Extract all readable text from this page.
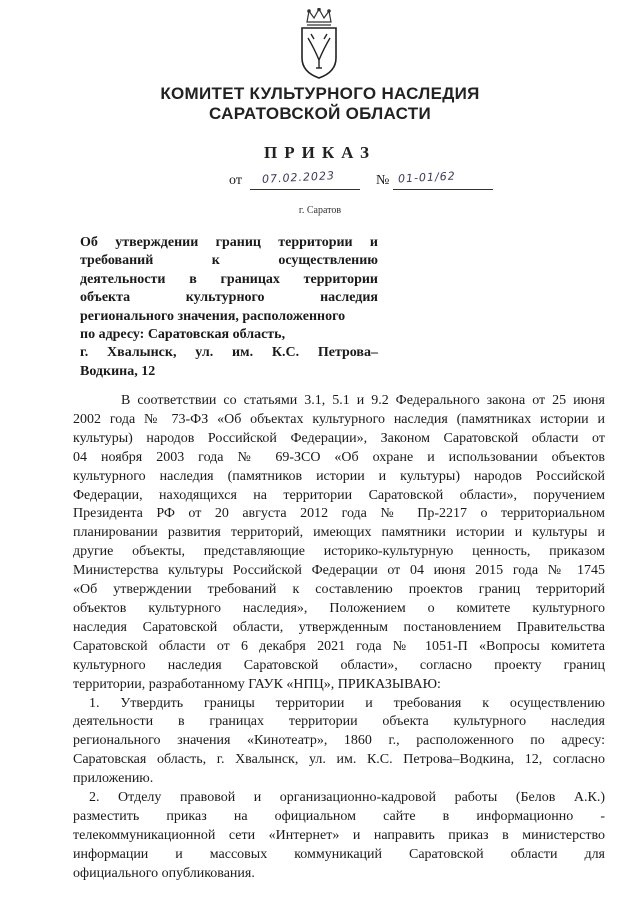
КОМИТЕТ КУЛЬТУРНОГО НАСЛЕДИЯ
САРАТОВСКОЙ ОБЛАСТИ
ПРИКАЗ
от 07.02.2023	№ 01-01/62
г. Саратов
Об утверждении границ территории и
требований к осуществлению
деятельности в границах территории
объекта культурного наследия
регионального значения, расположенного
по адресу: Саратовская область,
г. Хвалынск, ул. им. К.С. Петрова–
Водкина, 12
В соответствии со статьями 3.1, 5.1 и 9.2 Федерального закона от 25 июня
2002 года № 73-ФЗ «Об объектах культурного наследия (памятниках истории и
культуры) народов Российской Федерации», Законом Саратовской области от
04 ноября 2003 года № 69-ЗСО «Об охране и использовании объектов
культурного наследия (памятников истории и культуры) народов Российской
Федерации, находящихся на территории Саратовской области», поручением
Президента РФ от 20 августа 2012 года № Пр-2217 о территориальном
планировании развития территорий, имеющих памятники истории и культуры и
другие объекты, представляющие историко-культурную ценность, приказом
Министерства культуры Российской Федерации от 04 июня 2015 года № 1745
«Об утверждении требований к составлению проектов границ территорий
объектов культурного наследия», Положением о комитете культурного
наследия Саратовской области, утвержденным постановлением Правительства
Саратовской области от 6 декабря 2021 года № 1051-П «Вопросы комитета
культурного наследия Саратовской области», согласно проекту границ
территории, разработанному ГАУК «НПЦ», ПРИКАЗЫВАЮ:
1. Утвердить границы территории и требования к осуществлению
деятельности в границах территории объекта культурного наследия
регионального значения «Кинотеатр», 1860 г., расположенного по адресу:
Саратовская область, г. Хвалынск, ул. им. К.С. Петрова–Водкина, 12, согласно
приложению.
2. Отделу правовой и организационно-кадровой работы (Белов А.К.)
разместить приказ на официальном сайте в информационно -
телекоммуникационной сети «Интернет» и направить приказ в министерство
информации и массовых коммуникаций Саратовской области для
официального опубликования.
